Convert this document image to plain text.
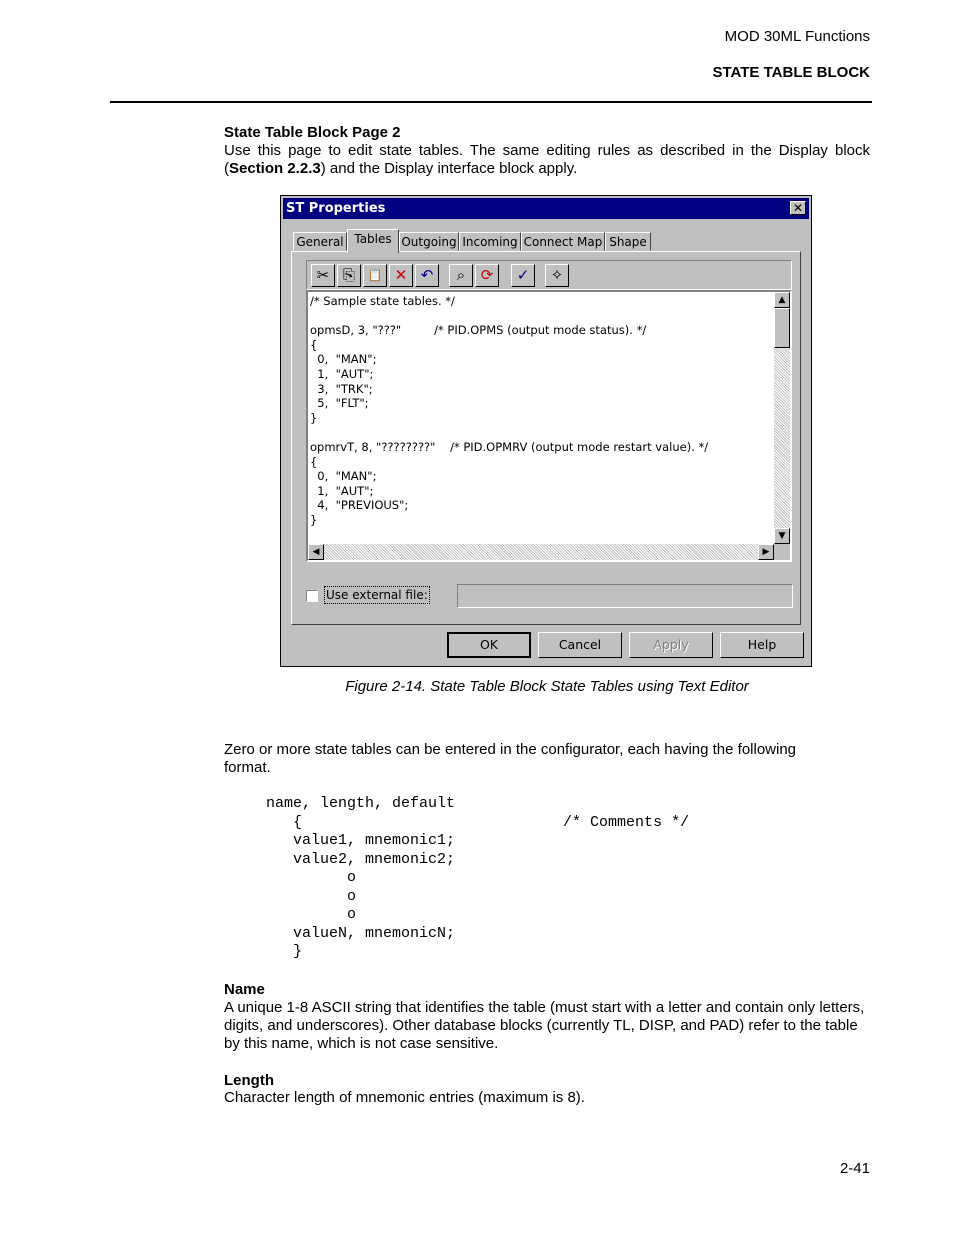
MOD 30ML Functions
STATE TABLE BLOCK
State Table Block Page 2
Use this page to edit state tables. The same editing rules as described in the Display block
(Section 2.2.3) and the Display interface block apply.
ST Properties	✕
General Tables Outgoing Incoming Connect Map Shape
✂ ⎘	📋 ✕ ↶	⌕	⟳	✓	✧
/* Sample state tables. */

opmsD, 3, "???"         /* PID.OPMS (output mode status). */
{
0,  "MAN";
1,  "AUT";
3,  "TRK";
5,  "FLT";
}

opmrvT, 8, "????????"    /* PID.OPMRV (output mode restart value). */
{
0,  "MAN";
1,  "AUT";
4,  "PREVIOUS";
}
▲
▼
◀	▶
Use external file:
OK	Cancel	Apply	Help
Figure 2-14. State Table Block State Tables using Text Editor
Zero or more state tables can be entered in the configurator, each having the following format.
name, length, default
{                             /* Comments */
value1, mnemonic1;
value2, mnemonic2;
o
o
o
valueN, mnemonicN;
}
Name
A unique 1-8 ASCII string that identifies the table (must start with a letter and contain only letters, digits, and underscores). Other database blocks (currently TL, DISP, and PAD) refer to the table by this name, which is not case sensitive.
Length
Character length of mnemonic entries (maximum is 8).
2-41
